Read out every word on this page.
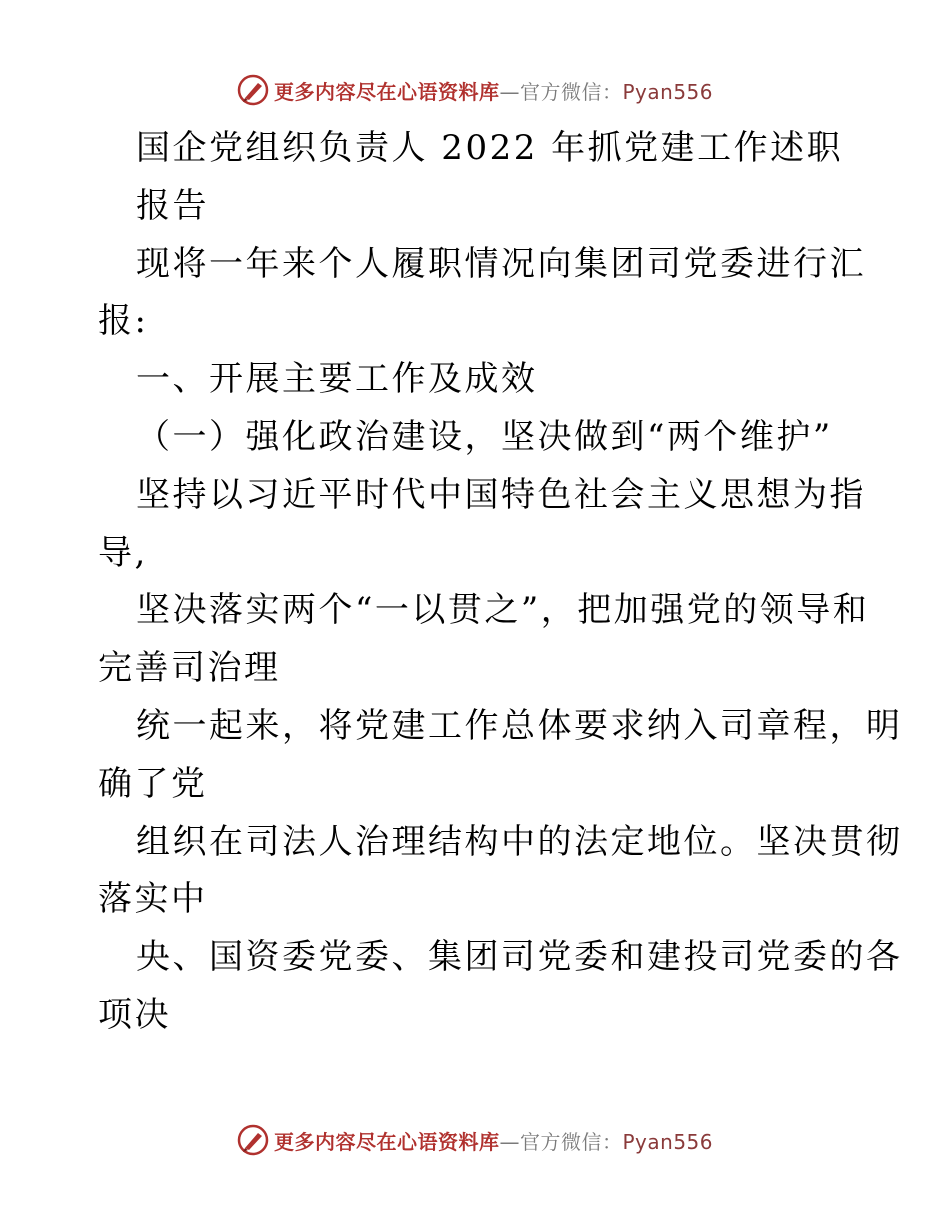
更多内容尽在心语资料库—官方微信：Pyan556
国企党组织负责人 2022 年抓党建工作述职
报告
现将一年来个人履职情况向集团司党委进行汇
报:
一、开展主要工作及成效
（一）强化政治建设，坚决做到“两个维护”
坚持以习近平时代中国特色社会主义思想为指
导,
坚决落实两个“一以贯之”，把加强党的领导和
完善司治理
统一起来，将党建工作总体要求纳入司章程，明
确了党
组织在司法人治理结构中的法定地位。坚决贯彻
落实中
央、国资委党委、集团司党委和建投司党委的各
项决
更多内容尽在心语资料库—官方微信：Pyan556
